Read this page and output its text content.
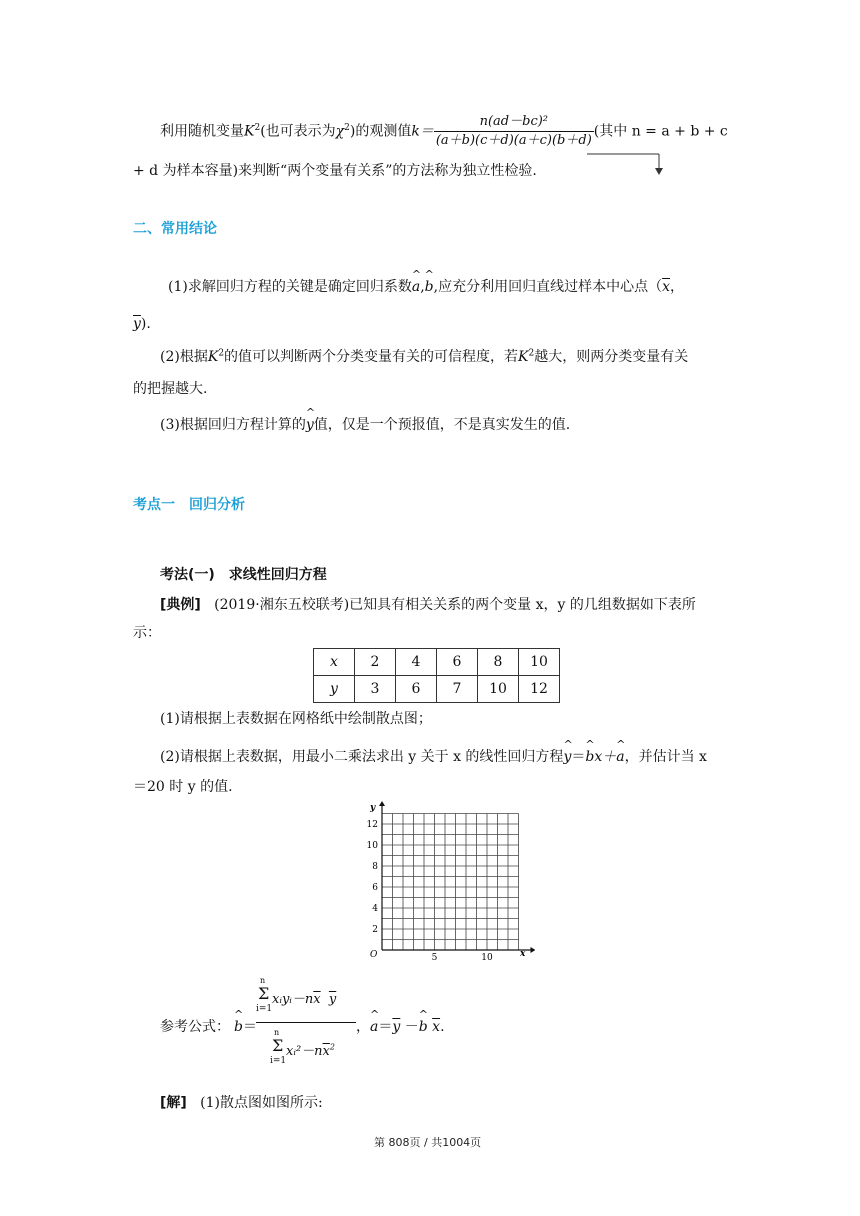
利用随机变量$K^2$(也可表示为$\chi^2$)的观测值$k= \frac{\text{n(ad－bc)²}}{(a+b)(c+d)(a+c)(b+d)}$ (其中 n = a + b + c
+ d 为样本容量)来判断“两个变量有关系”的方法称为独立性检验.
二、常用结论
(1)求解回归方程的关键是确定回归系数^ a,^ b,应充分利用回归直线过样本中心点（$\overline{x}$，
$\overline{y}$).
(2)根据$K^2$的值可以判断两个分类变量有关的可信程度，若$K^2$越大，则两分类变量有关
的把握越大.
(3)根据回归方程计算的^ y值，仅是一个预报值，不是真实发生的值.
考点一　回归分析
考法(一)　求线性回归方程
[典例] (2019·湘东五校联考)已知具有相关关系的两个变量 x，y 的几组数据如下表所
示：
x	2	4	6	8	10
y	3	6	7	10	12
(1)请根据上表数据在网格纸中绘制散点图；
(2)请根据上表数据，用最小二乘法求出 y 关于 x 的线性回归方程^ y＝^ bx＋^ a，并估计当 x
＝20 时 y 的值.
y
x
O
2
4
6
8
10
12
5	10
参考公式： ^ b＝
n
Σ
i=1
$xᵢyᵢ-n\overline{x}$ $\overline{y}$
n
Σ
i=1
$xᵢ^2-n\overline{x}^2$
，^ $a=\overline{y}$ －^ b $\overline{x}$.
[解] (1)散点图如图所示:
第 808页 / 共1004页
